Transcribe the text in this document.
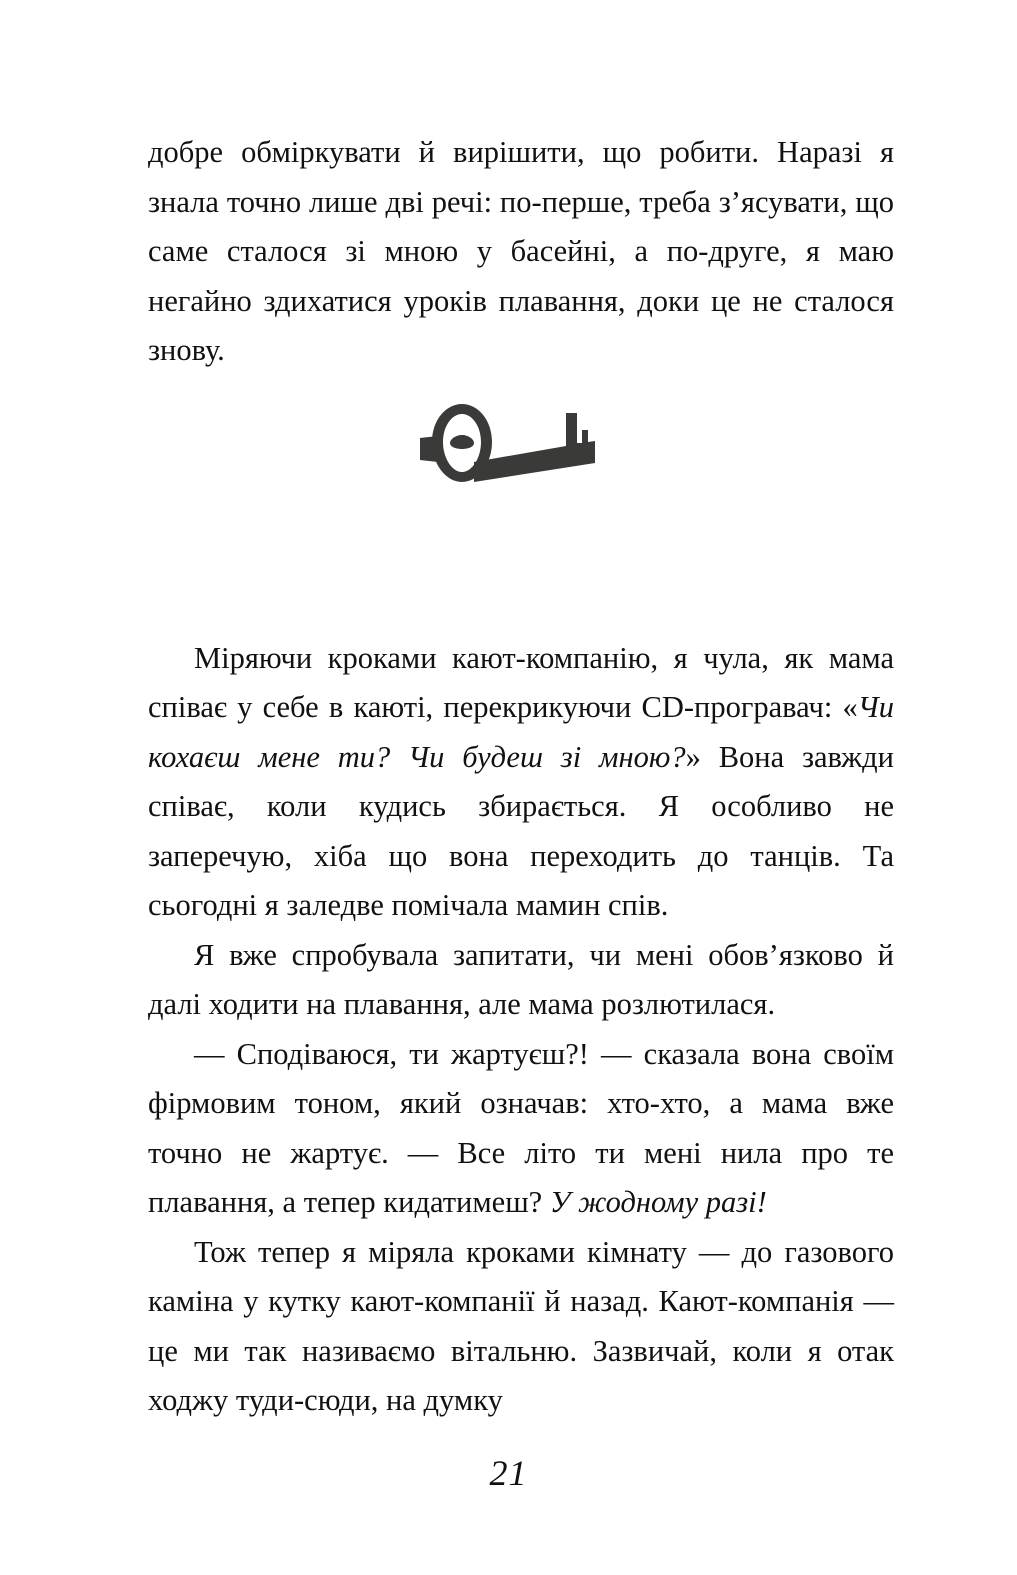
добре обміркувати й вирішити, що робити. Наразі я знала точно лише дві речі: по-перше, треба з’ясувати, що саме сталося зі мною у басейні, а по-друге, я маю негайно здихатися уроків плавання, доки це не сталося знову.

Міряючи кроками кают-компанію, я чула, як мама співає у себе в каюті, перекрикуючи CD-програвач: «Чи кохаєш мене ти? Чи будеш зі мною?» Вона завжди співає, коли кудись збирається. Я особливо не заперечую, хіба що вона переходить до танців. Та сьогодні я заледве помічала мамин спів.

Я вже спробувала запитати, чи мені обов’язково й далі ходити на плавання, але мама розлютилася.

— Сподіваюся, ти жартуєш?! — сказала вона своїм фірмовим тоном, який означав: хто-хто, а мама вже точно не жартує. — Все літо ти мені нила про те плавання, а тепер кидатимеш? У жодному разі!

Тож тепер я міряла кроками кімнату — до газового каміна у кутку кают-компанії й назад. Кают-компанія — це ми так називаємо вітальню. Зазвичай, коли я отак ходжу туди-сюди, на думку

21
